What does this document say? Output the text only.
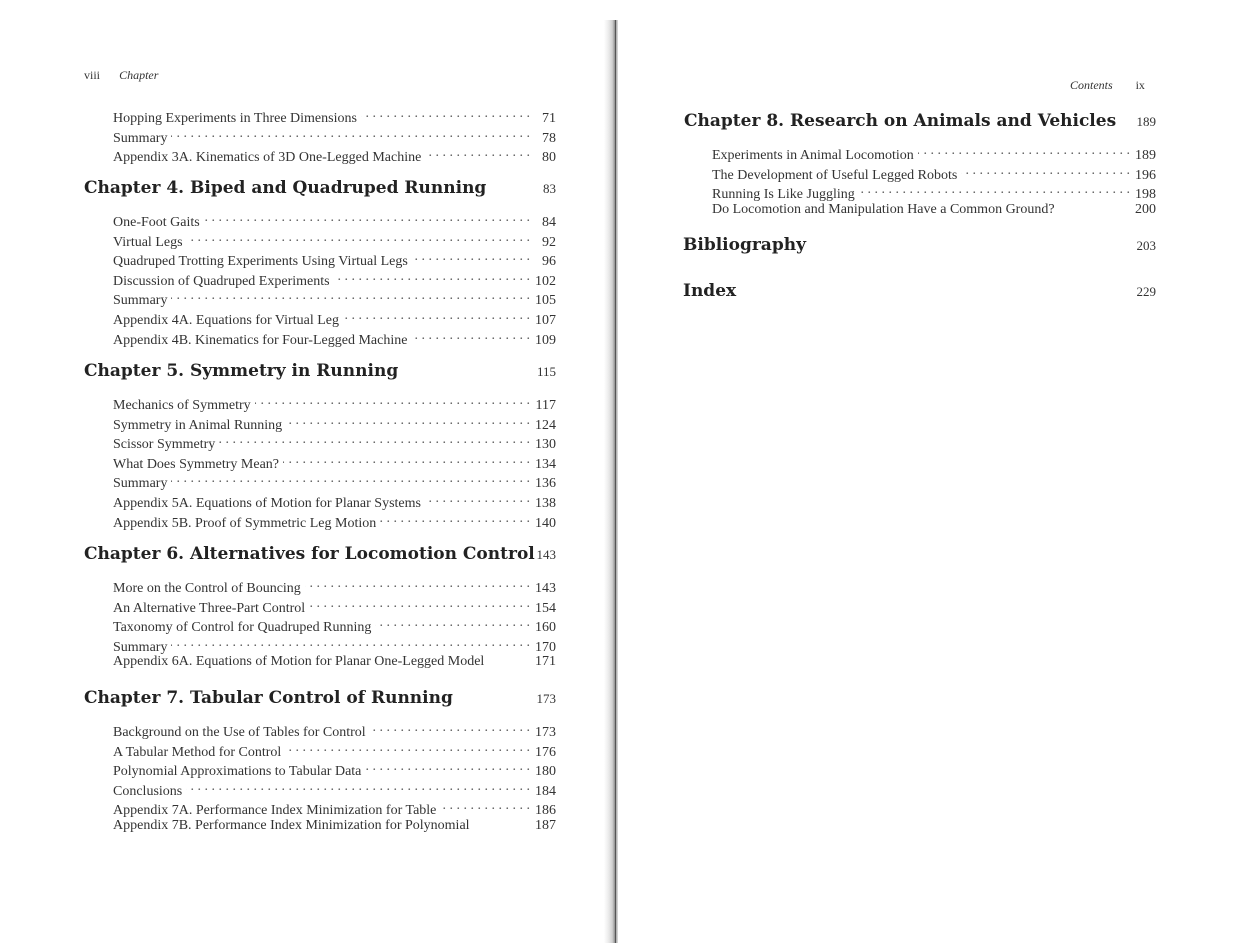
viii Chapter
Hopping Experiments in Three Dimensions . . .	71
Summary . . .	78
Appendix 3A. Kinematics of 3D One-Legged Machine . . .	80
Chapter 4. Biped and Quadruped Running	83
One-Foot Gaits . . .	84
Virtual Legs . . .	92
Quadruped Trotting Experiments Using Virtual Legs . . .	96
Discussion of Quadruped Experiments . . .	102
Summary . . .	105
Appendix 4A. Equations for Virtual Leg . . .	107
Appendix 4B. Kinematics for Four-Legged Machine . . .	109
Chapter 5. Symmetry in Running	115
Mechanics of Symmetry . . .	117
Symmetry in Animal Running . . .	124
Scissor Symmetry . . .	130
What Does Symmetry Mean? . . .	134
Summary . . .	136
Appendix 5A. Equations of Motion for Planar Systems . . .	138
Appendix 5B. Proof of Symmetric Leg Motion . . .	140
Chapter 6. Alternatives for Locomotion Control 143
More on the Control of Bouncing . . .	143
An Alternative Three-Part Control . . .	154
Taxonomy of Control for Quadruped Running . . .	160
Summary . . .	170
Appendix 6A. Equations of Motion for Planar One-Legged Model	171
Chapter 7. Tabular Control of Running	173
Background on the Use of Tables for Control . . .	173
A Tabular Method for Control . . .	176
Polynomial Approximations to Tabular Data . . .	180
Conclusions . . .	184
Appendix 7A. Performance Index Minimization for Table . . .	186
Appendix 7B. Performance Index Minimization for Polynomial	187
Contents ix
Chapter 8. Research on Animals and Vehicles 189
Experiments in Animal Locomotion . . .	189
The Development of Useful Legged Robots . . .	196
Running Is Like Juggling . . .	198
Do Locomotion and Manipulation Have a Common Ground?	200
Bibliography	203
Index	229
